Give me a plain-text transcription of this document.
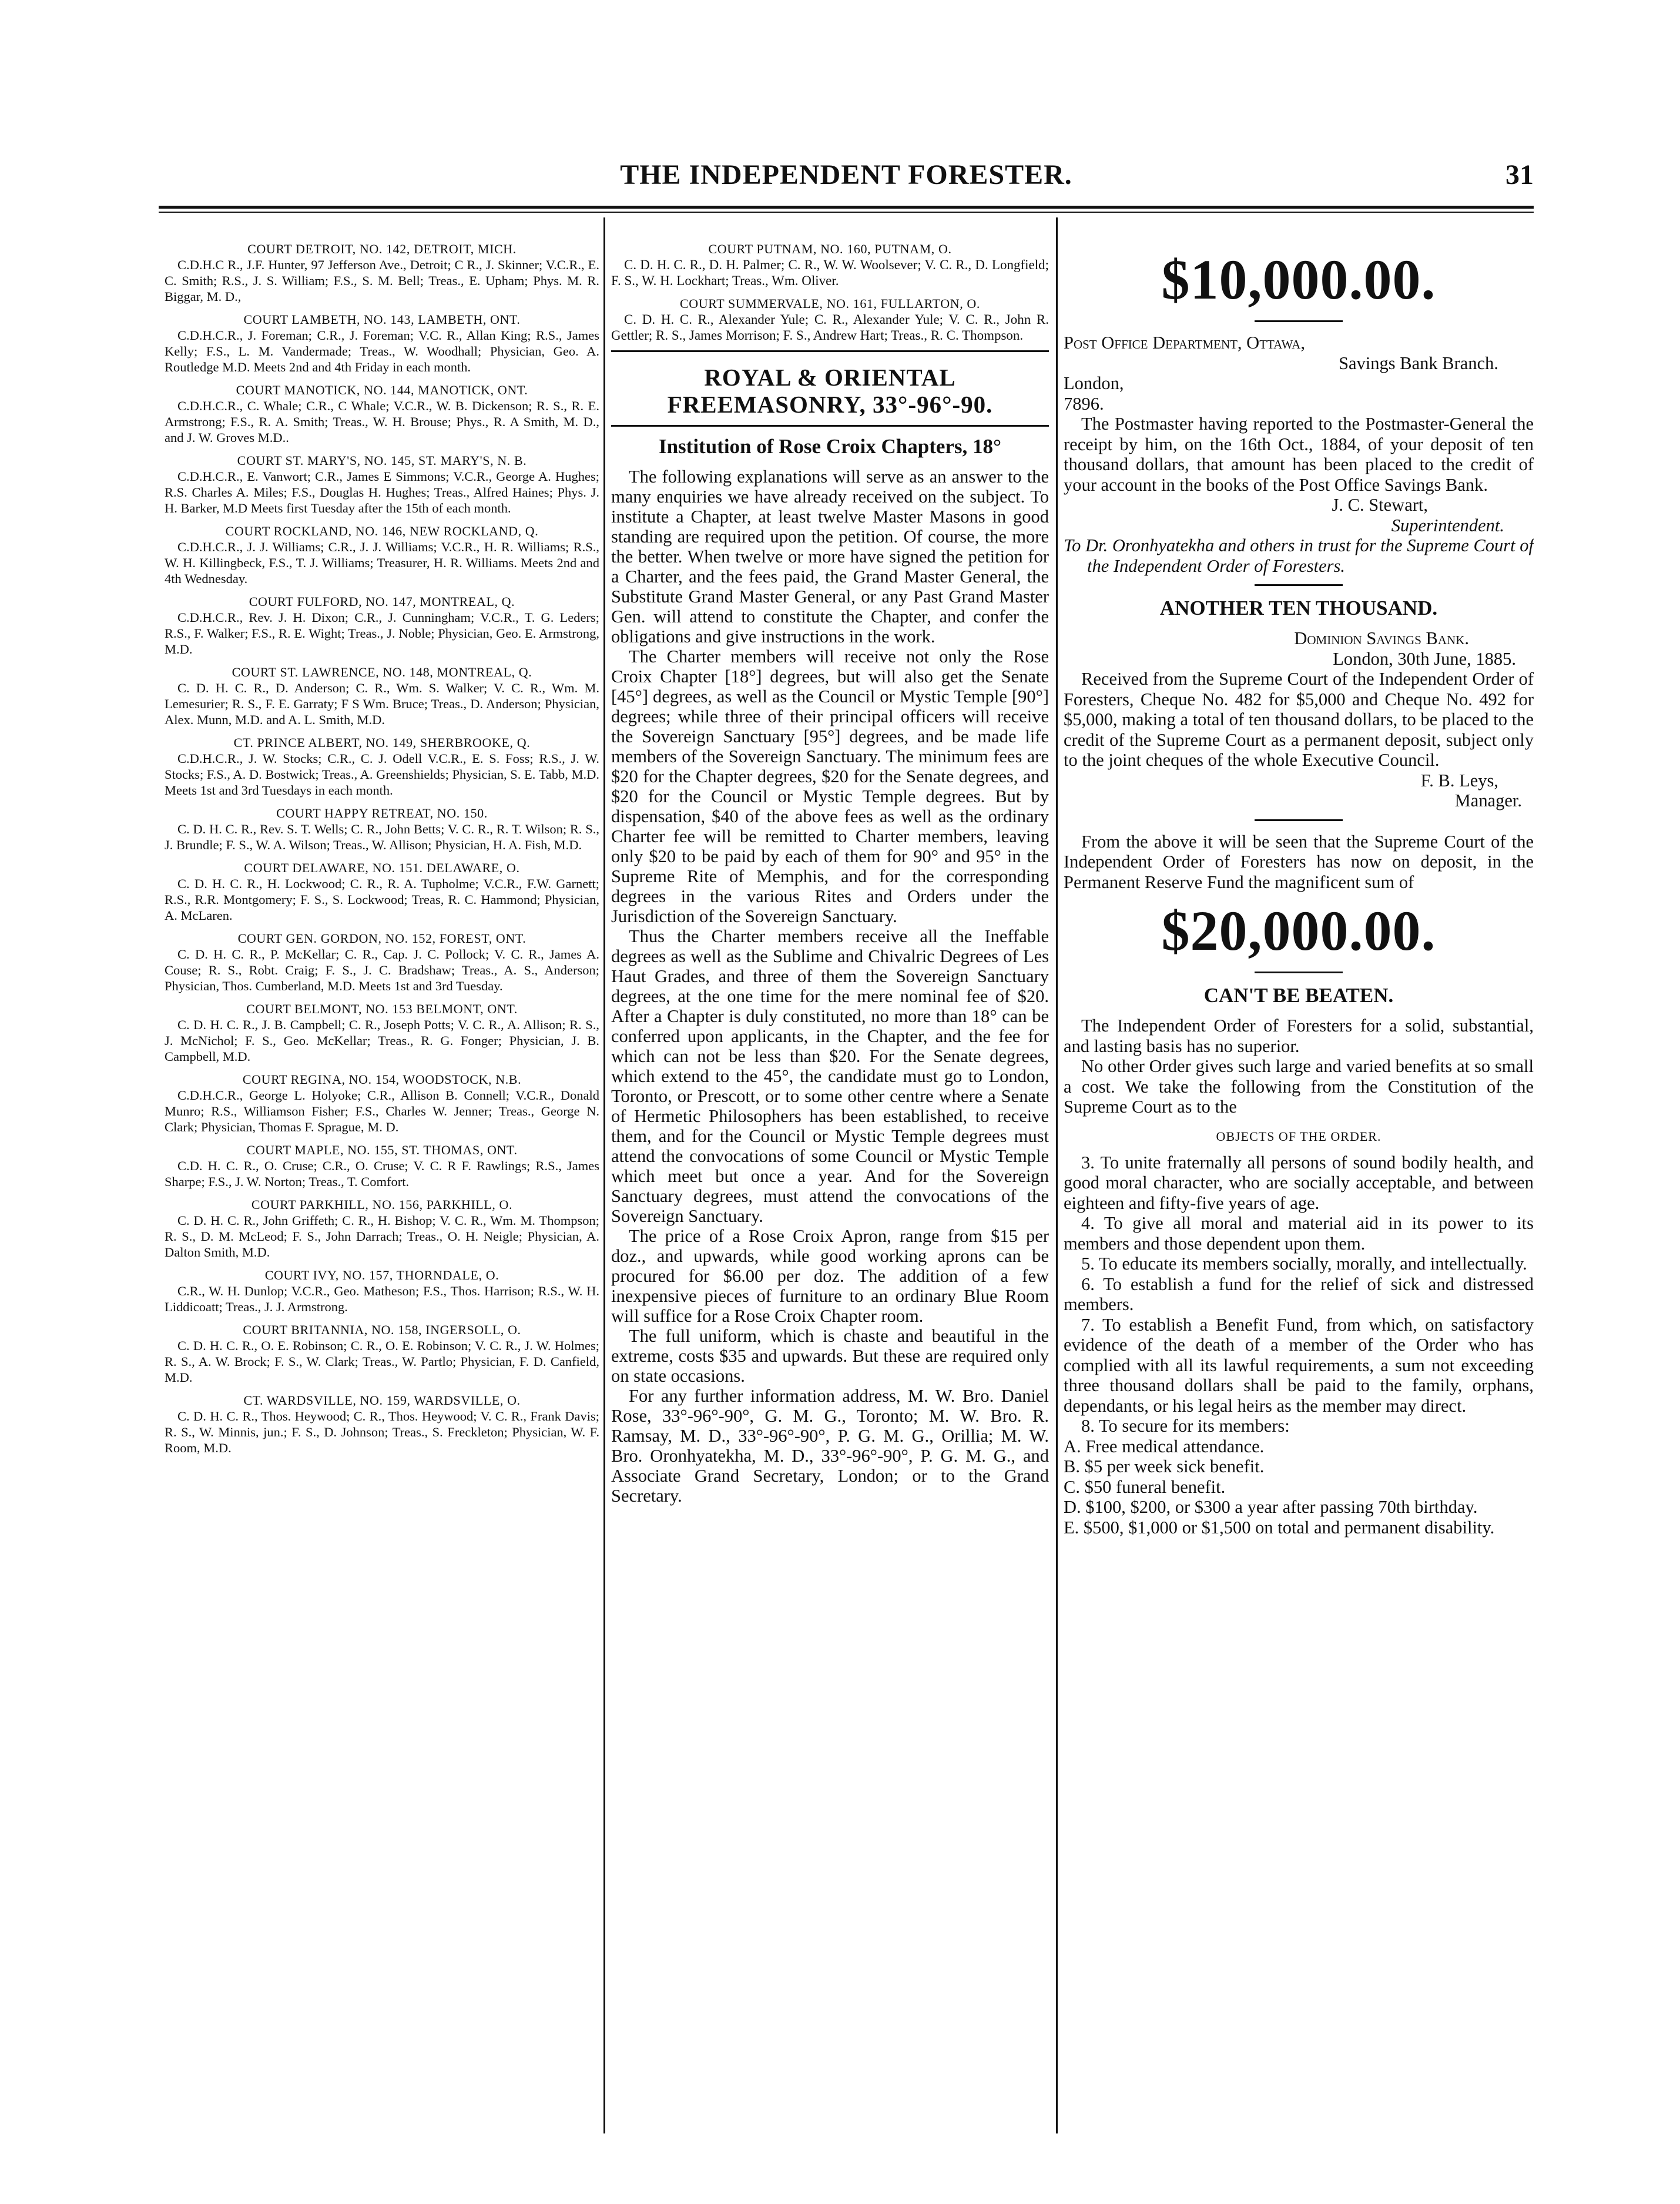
THE INDEPENDENT FORESTER.	31
COURT DETROIT, NO. 142, DETROIT, MICH.
C.D.H.C R., J.F. Hunter, 97 Jefferson Ave., Detroit; C R., J. Skinner; V.C.R., E. C. Smith; R.S., J. S. William; F.S., S. M. Bell; Treas., E. Upham; Phys. M. R. Biggar, M. D.,
COURT LAMBETH, NO. 143, LAMBETH, ONT.
C.D.H.C.R., J. Foreman; C.R., J. Foreman; V.C. R., Allan King; R.S., James Kelly; F.S., L. M. Vandermade; Treas., W. Woodhall; Physician, Geo. A. Routledge M.D. Meets 2nd and 4th Friday in each month.
COURT MANOTICK, NO. 144, MANOTICK, ONT.
C.D.H.C.R., C. Whale; C.R., C Whale; V.C.R., W. B. Dickenson; R. S., R. E. Armstrong; F.S., R. A. Smith; Treas., W. H. Brouse; Phys., R. A Smith, M. D., and J. W. Groves M.D..
COURT ST. MARY'S, NO. 145, ST. MARY'S, N. B.
C.D.H.C.R., E. Vanwort; C.R., James E Simmons; V.C.R., George A. Hughes; R.S. Charles A. Miles; F.S., Douglas H. Hughes; Treas., Alfred Haines; Phys. J. H. Barker, M.D Meets first Tuesday after the 15th of each month.
COURT ROCKLAND, NO. 146, NEW ROCKLAND, Q.
C.D.H.C.R., J. J. Williams; C.R., J. J. Williams; V.C.R., H. R. Williams; R.S., W. H. Killingbeck, F.S., T. J. Williams; Treasurer, H. R. Williams. Meets 2nd and 4th Wednesday.
COURT FULFORD, NO. 147, MONTREAL, Q.
C.D.H.C.R., Rev. J. H. Dixon; C.R., J. Cunningham; V.C.R., T. G. Leders; R.S., F. Walker; F.S., R. E. Wight; Treas., J. Noble; Physician, Geo. E. Armstrong, M.D.
COURT ST. LAWRENCE, NO. 148, MONTREAL, Q.
C. D. H. C. R., D. Anderson; C. R., Wm. S. Walker; V. C. R., Wm. M. Lemesurier; R. S., F. E. Garraty; F S Wm. Bruce; Treas., D. Anderson; Physician, Alex. Munn, M.D. and A. L. Smith, M.D.
CT. PRINCE ALBERT, NO. 149, SHERBROOKE, Q.
C.D.H.C.R., J. W. Stocks; C.R., C. J. Odell V.C.R., E. S. Foss; R.S., J. W. Stocks; F.S., A. D. Bostwick; Treas., A. Greenshields; Physician, S. E. Tabb, M.D. Meets 1st and 3rd Tuesdays in each month.
COURT HAPPY RETREAT, NO. 150.
C. D. H. C. R., Rev. S. T. Wells; C. R., John Betts; V. C. R., R. T. Wilson; R. S., J. Brundle; F. S., W. A. Wilson; Treas., W. Allison; Physician, H. A. Fish, M.D.
COURT DELAWARE, NO. 151. DELAWARE, O.
C. D. H. C. R., H. Lockwood; C. R., R. A. Tupholme; V.C.R., F.W. Garnett; R.S., R.R. Montgomery; F. S., S. Lockwood; Treas, R. C. Hammond; Physician, A. McLaren.
COURT GEN. GORDON, NO. 152, FOREST, ONT.
C. D. H. C. R., P. McKellar; C. R., Cap. J. C. Pollock; V. C. R., James A. Couse; R. S., Robt. Craig; F. S., J. C. Bradshaw; Treas., A. S., Anderson; Physician, Thos. Cumberland, M.D. Meets 1st and 3rd Tuesday.
COURT BELMONT, NO. 153 BELMONT, ONT.
C. D. H. C. R., J. B. Campbell; C. R., Joseph Potts; V. C. R., A. Allison; R. S., J. McNichol; F. S., Geo. McKellar; Treas., R. G. Fonger; Physician, J. B. Campbell, M.D.
COURT REGINA, NO. 154, WOODSTOCK, N.B.
C.D.H.C.R., George L. Holyoke; C.R., Allison B. Connell; V.C.R., Donald Munro; R.S., Williamson Fisher; F.S., Charles W. Jenner; Treas., George N. Clark; Physician, Thomas F. Sprague, M. D.
COURT MAPLE, NO. 155, ST. THOMAS, ONT.
C.D. H. C. R., O. Cruse; C.R., O. Cruse; V. C. R F. Rawlings; R.S., James Sharpe; F.S., J. W. Norton; Treas., T. Comfort.
COURT PARKHILL, NO. 156, PARKHILL, O.
C. D. H. C. R., John Griffeth; C. R., H. Bishop; V. C. R., Wm. M. Thompson; R. S., D. M. McLeod; F. S., John Darrach; Treas., O. H. Neigle; Physician, A. Dalton Smith, M.D.
COURT IVY, NO. 157, THORNDALE, O.
C.R., W. H. Dunlop; V.C.R., Geo. Matheson; F.S., Thos. Harrison; R.S., W. H. Liddicoatt; Treas., J. J. Armstrong.
COURT BRITANNIA, NO. 158, INGERSOLL, O.
C. D. H. C. R., O. E. Robinson; C. R., O. E. Robinson; V. C. R., J. W. Holmes; R. S., A. W. Brock; F. S., W. Clark; Treas., W. Partlo; Physician, F. D. Canfield, M.D.
CT. WARDSVILLE, NO. 159, WARDSVILLE, O.
C. D. H. C. R., Thos. Heywood; C. R., Thos. Heywood; V. C. R., Frank Davis; R. S., W. Minnis, jun.; F. S., D. Johnson; Treas., S. Freckleton; Physician, W. F. Room, M.D.
COURT PUTNAM, NO. 160, PUTNAM, O.
C. D. H. C. R., D. H. Palmer; C. R., W. W. Woolsever; V. C. R., D. Longfield; F. S., W. H. Lockhart; Treas., Wm. Oliver.
COURT SUMMERVALE, NO. 161, FULLARTON, O.
C. D. H. C. R., Alexander Yule; C. R., Alexander Yule; V. C. R., John R. Gettler; R. S., James Morrison; F. S., Andrew Hart; Treas., R. C. Thompson.
ROYAL & ORIENTAL FREEMASONRY, 33°-96°-90.
Institution of Rose Croix Chapters, 18°

The following explanations will serve as an answer to the many enquiries we have already received on the subject. To institute a Chapter, at least twelve Master Masons in good standing are required upon the petition. Of course, the more the better. When twelve or more have signed the petition for a Charter, and the fees paid, the Grand Master General, the Substitute Grand Master General, or any Past Grand Master Gen. will attend to constitute the Chapter, and confer the obligations and give instructions in the work.

The Charter members will receive not only the Rose Croix Chapter [18°] degrees, but will also get the Senate [45°] degrees, as well as the Council or Mystic Temple [90°] degrees; while three of their principal officers will receive the Sovereign Sanctuary [95°] degrees, and be made life members of the Sovereign Sanctuary. The minimum fees are $20 for the Chapter degrees, $20 for the Senate degrees, and $20 for the Council or Mystic Temple degrees. But by dispensation, $40 of the above fees as well as the ordinary Charter fee will be remitted to Charter members, leaving only $20 to be paid by each of them for 90° and 95° in the Supreme Rite of Memphis, and for the corresponding degrees in the various Rites and Orders under the Jurisdiction of the Sovereign Sanctuary.

Thus the Charter members receive all the Ineffable degrees as well as the Sublime and Chivalric Degrees of Les Haut Grades, and three of them the Sovereign Sanctuary degrees, at the one time for the mere nominal fee of $20. After a Chapter is duly constituted, no more than 18° can be conferred upon applicants, in the Chapter, and the fee for which can not be less than $20. For the Senate degrees, which extend to the 45°, the candidate must go to London, Toronto, or Prescott, or to some other centre where a Senate of Hermetic Philosophers has been established, to receive them, and for the Council or Mystic Temple degrees must attend the convocations of some Council or Mystic Temple which meet but once a year. And for the Sovereign Sanctuary degrees, must attend the convocations of the Sovereign Sanctuary.

The price of a Rose Croix Apron, range from $15 per doz., and upwards, while good working aprons can be procured for $6.00 per doz. The addition of a few inexpensive pieces of furniture to an ordinary Blue Room will suffice for a Rose Croix Chapter room.

The full uniform, which is chaste and beautiful in the extreme, costs $35 and upwards. But these are required only on state occasions.

For any further information address, M. W. Bro. Daniel Rose, 33°-96°-90°, G. M. G., Toronto; M. W. Bro. R. Ramsay, M. D., 33°-96°-90°, P. G. M. G., Orillia; M. W. Bro. Oronhyatekha, M. D., 33°-96°-90°, P. G. M. G., and Associate Grand Secretary, London; or to the Grand Secretary.

$10,000.00.

Post Office Department, Ottawa,

Savings Bank Branch.

London,

7896.

The Postmaster having reported to the Postmaster-General the receipt by him, on the 16th Oct., 1884, of your deposit of ten thousand dollars, that amount has been placed to the credit of your account in the books of the Post Office Savings Bank.

J. C. Stewart,

Superintendent.

To Dr. Oronhyatekha and others in trust for the Supreme Court of the Independent Order of Foresters.

ANOTHER TEN THOUSAND.

Dominion Savings Bank.

London, 30th June, 1885.

Received from the Supreme Court of the Independent Order of Foresters, Cheque No. 482 for $5,000 and Cheque No. 492 for $5,000, making a total of ten thousand dollars, to be placed to the credit of the Supreme Court as a permanent deposit, subject only to the joint cheques of the whole Executive Council.

F. B. Leys,

Manager.

From the above it will be seen that the Supreme Court of the Independent Order of Foresters has now on deposit, in the Permanent Reserve Fund the magnificent sum of

$20,000.00.
CAN'T BE BEATEN.

The Independent Order of Foresters for a solid, substantial, and lasting basis has no superior.

No other Order gives such large and varied benefits at so small a cost. We take the following from the Constitution of the Supreme Court as to the

OBJECTS OF THE ORDER.

3. To unite fraternally all persons of sound bodily health, and good moral character, who are socially acceptable, and between eighteen and fifty-five years of age.

4. To give all moral and material aid in its power to its members and those dependent upon them.

5. To educate its members socially, morally, and intellectually.

6. To establish a fund for the relief of sick and distressed members.

7. To establish a Benefit Fund, from which, on satisfactory evidence of the death of a member of the Order who has complied with all its lawful requirements, a sum not exceeding three thousand dollars shall be paid to the family, orphans, dependants, or his legal heirs as the member may direct.

8. To secure for its members:

A. Free medical attendance.

B. $5 per week sick benefit.

C. $50 funeral benefit.

D. $100, $200, or $300 a year after passing 70th birthday.

E. $500, $1,000 or $1,500 on total and permanent disability.
